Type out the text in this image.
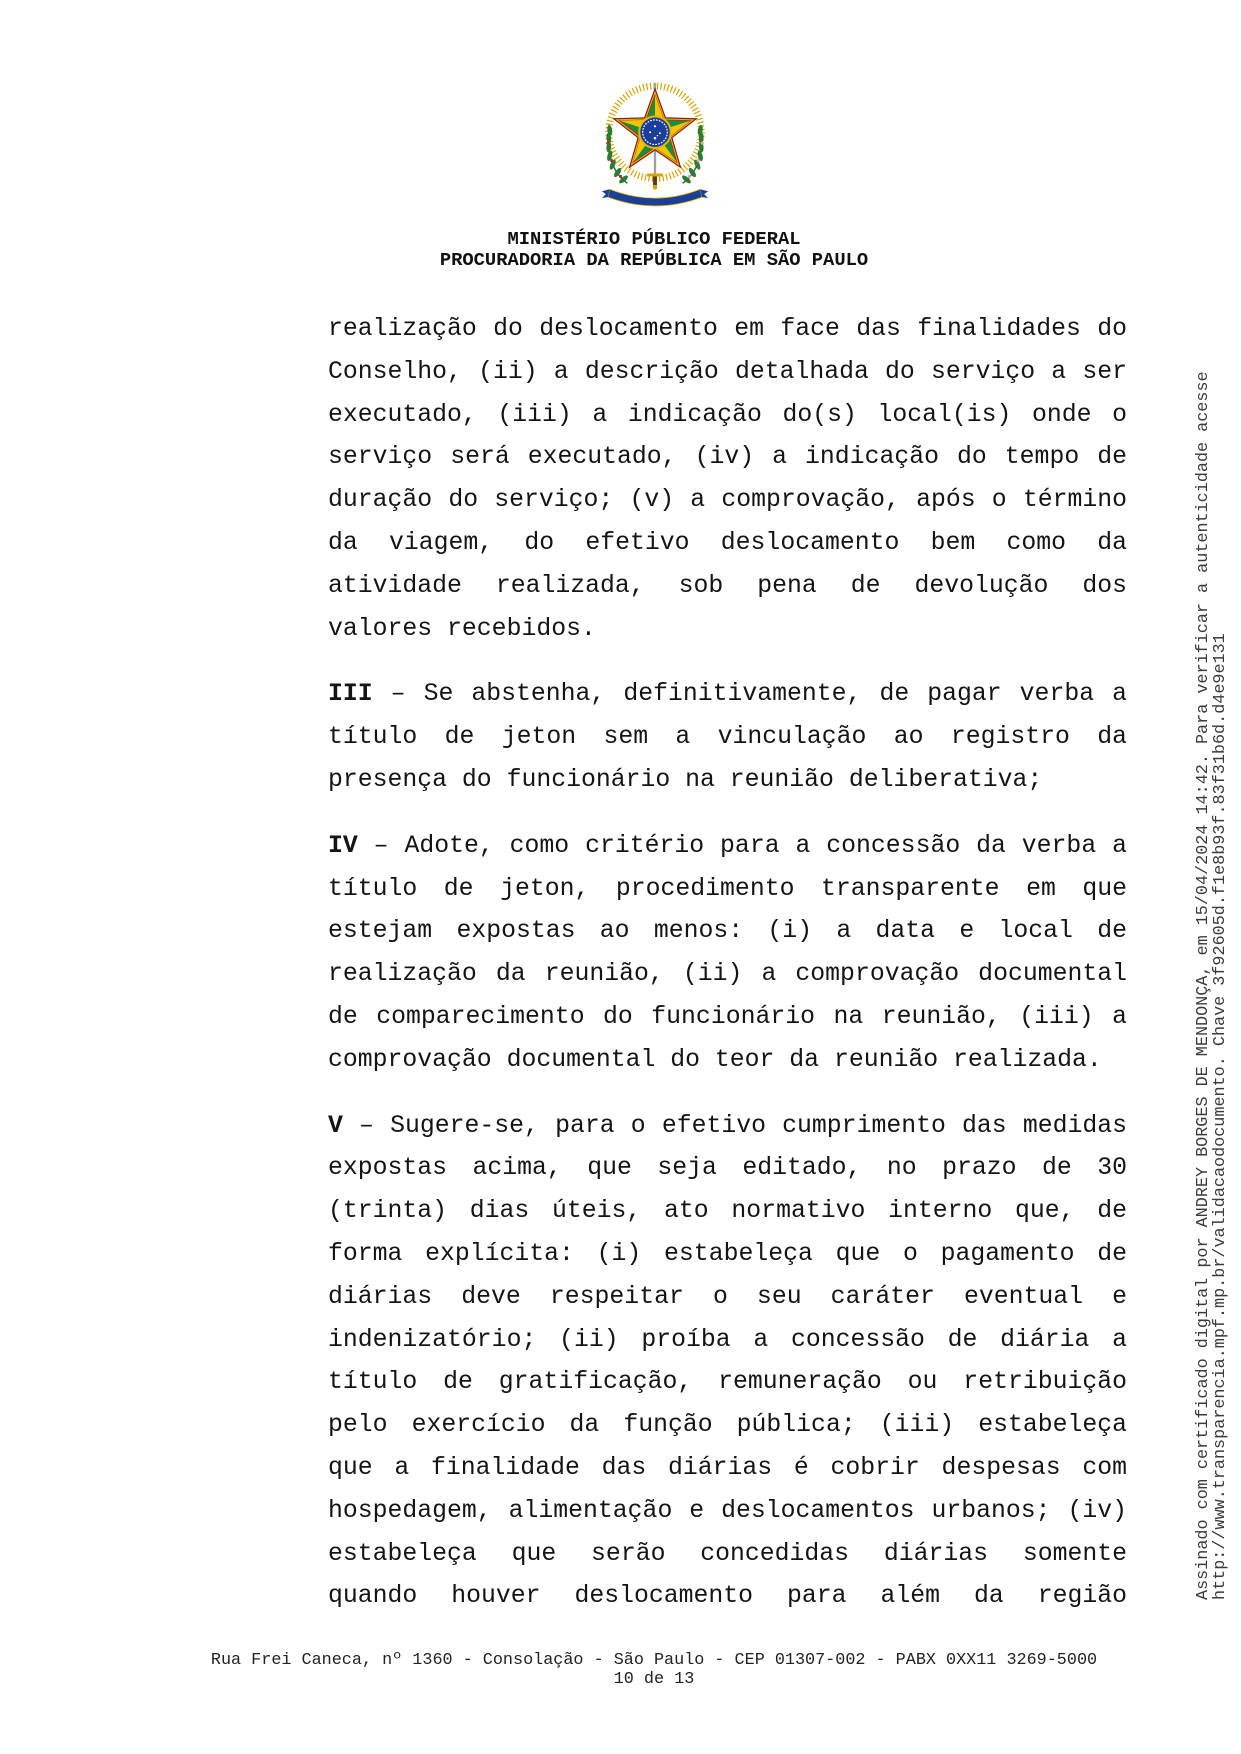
MINISTÉRIO PÚBLICO FEDERAL
PROCURADORIA DA REPÚBLICA EM SÃO PAULO
realização do deslocamento em face das finalidades do
Conselho, (ii) a descrição detalhada do serviço a ser
executado, (iii) a indicação do(s) local(is) onde o
serviço será executado, (iv) a indicação do tempo de
duração do serviço; (v) a comprovação, após o término
da viagem, do efetivo deslocamento bem como da
atividade realizada, sob pena de devolução dos
valores recebidos.
III – Se abstenha, definitivamente, de pagar verba a
título de jeton sem a vinculação ao registro da
presença do funcionário na reunião deliberativa;
IV – Adote, como critério para a concessão da verba a
título de jeton, procedimento transparente em que
estejam expostas ao menos: (i) a data e local de
realização da reunião, (ii) a comprovação documental
de comparecimento do funcionário na reunião, (iii) a
comprovação documental do teor da reunião realizada.
V – Sugere-se, para o efetivo cumprimento das medidas
expostas acima, que seja editado, no prazo de 30
(trinta) dias úteis, ato normativo interno que, de
forma explícita: (i) estabeleça que o pagamento de
diárias deve respeitar o seu caráter eventual e
indenizatório; (ii) proíba a concessão de diária a
título de gratificação, remuneração ou retribuição
pelo exercício da função pública; (iii) estabeleça
que a finalidade das diárias é cobrir despesas com
hospedagem, alimentação e deslocamentos urbanos; (iv)
estabeleça que serão concedidas diárias somente
quando houver deslocamento para além da região
Rua Frei Caneca, nº 1360 - Consolação - São Paulo - CEP 01307-002 - PABX 0XX11 3269-5000
10 de 13
Assinado com certificado digital por ANDREY BORGES DE MENDONÇA, em 15/04/2024 14:42. Para verificar a autenticidade acesse
http://www.transparencia.mpf.mp.br/validacaodocumento. Chave 3f92605d.f1e8b93f.83f31b6d.d4e9e131
